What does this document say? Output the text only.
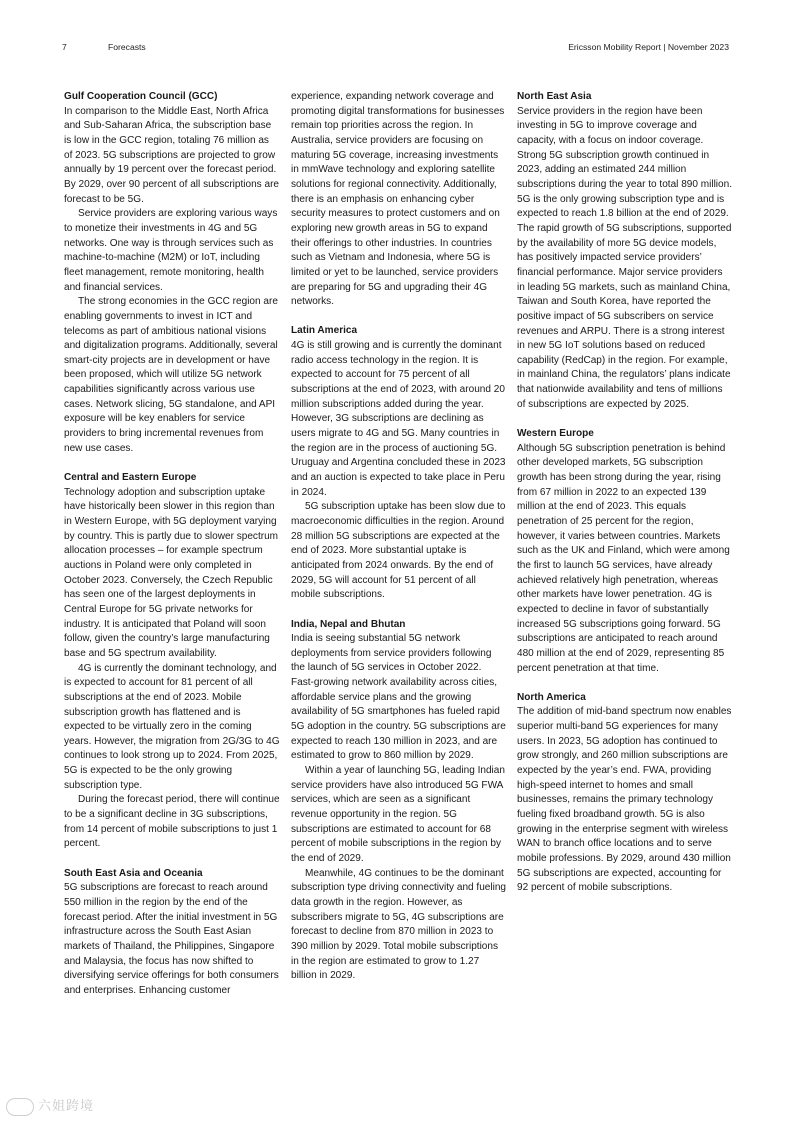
7	Forecasts	Ericsson Mobility Report | November 2023
Gulf Cooperation Council (GCC)

In comparison to the Middle East, North Africa and Sub-Saharan Africa, the subscription base is low in the GCC region, totaling 76 million as of 2023. 5G subscriptions are projected to grow annually by 19 percent over the forecast period. By 2029, over 90 percent of all subscriptions are forecast to be 5G.

Service providers are exploring various ways to monetize their investments in 4G and 5G networks. One way is through services such as machine-to-machine (M2M) or IoT, including fleet management, remote monitoring, health and financial services.

The strong economies in the GCC region are enabling governments to invest in ICT and telecoms as part of ambitious national visions and digitalization programs. Additionally, several smart-city projects are in development or have been proposed, which will utilize 5G network capabilities significantly across various use cases. Network slicing, 5G standalone, and API exposure will be key enablers for service providers to bring incremental revenues from new use cases.

Central and Eastern Europe

Technology adoption and subscription uptake have historically been slower in this region than in Western Europe, with 5G deployment varying by country. This is partly due to slower spectrum allocation processes – for example spectrum auctions in Poland were only completed in October 2023. Conversely, the Czech Republic has seen one of the largest deployments in Central Europe for 5G private networks for industry. It is anticipated that Poland will soon follow, given the country’s large manufacturing base and 5G spectrum availability.

4G is currently the dominant technology, and is expected to account for 81 percent of all subscriptions at the end of 2023. Mobile subscription growth has flattened and is expected to be virtually zero in the coming years. However, the migration from 2G/3G to 4G continues to look strong up to 2024. From 2025, 5G is expected to be the only growing subscription type.

During the forecast period, there will continue to be a significant decline in 3G subscriptions, from 14 percent of mobile subscriptions to just 1 percent.

South East Asia and Oceania

5G subscriptions are forecast to reach around 550 million in the region by the end of the forecast period. After the initial investment in 5G infrastructure across the South East Asian markets of Thailand, the Philippines, Singapore and Malaysia, the focus has now shifted to diversifying service offerings for both consumers and enterprises. Enhancing customer

experience, expanding network coverage and promoting digital transformations for businesses remain top priorities across the region. In Australia, service providers are focusing on maturing 5G coverage, increasing investments in mmWave technology and exploring satellite solutions for regional connectivity. Additionally, there is an emphasis on enhancing cyber security measures to protect customers and on exploring new growth areas in 5G to expand their offerings to other industries. In countries such as Vietnam and Indonesia, where 5G is limited or yet to be launched, service providers are preparing for 5G and upgrading their 4G networks.

Latin America

4G is still growing and is currently the dominant radio access technology in the region. It is expected to account for 75 percent of all subscriptions at the end of 2023, with around 20 million subscriptions added during the year. However, 3G subscriptions are declining as users migrate to 4G and 5G. Many countries in the region are in the process of auctioning 5G. Uruguay and Argentina concluded these in 2023 and an auction is expected to take place in Peru in 2024.

5G subscription uptake has been slow due to macroeconomic difficulties in the region. Around 28 million 5G subscriptions are expected at the end of 2023. More substantial uptake is anticipated from 2024 onwards. By the end of 2029, 5G will account for 51 percent of all mobile subscriptions.

India, Nepal and Bhutan

India is seeing substantial 5G network deployments from service providers following the launch of 5G services in October 2022. Fast-growing network availability across cities, affordable service plans and the growing availability of 5G smartphones has fueled rapid 5G adoption in the country. 5G subscriptions are expected to reach 130 million in 2023, and are estimated to grow to 860 million by 2029.

Within a year of launching 5G, leading Indian service providers have also introduced 5G FWA services, which are seen as a significant revenue opportunity in the region. 5G subscriptions are estimated to account for 68 percent of mobile subscriptions in the region by the end of 2029.

Meanwhile, 4G continues to be the dominant subscription type driving connectivity and fueling data growth in the region. However, as subscribers migrate to 5G, 4G subscriptions are forecast to decline from 870 million in 2023 to 390 million by 2029. Total mobile subscriptions in the region are estimated to grow to 1.27 billion in 2029.

North East Asia

Service providers in the region have been investing in 5G to improve coverage and capacity, with a focus on indoor coverage. Strong 5G subscription growth continued in 2023, adding an estimated 244 million subscriptions during the year to total 890 million. 5G is the only growing subscription type and is expected to reach 1.8 billion at the end of 2029. The rapid growth of 5G subscriptions, supported by the availability of more 5G device models, has positively impacted service providers’ financial performance. Major service providers in leading 5G markets, such as mainland China, Taiwan and South Korea, have reported the positive impact of 5G subscribers on service revenues and ARPU. There is a strong interest in new 5G IoT solutions based on reduced capability (RedCap) in the region. For example, in mainland China, the regulators’ plans indicate that nationwide availability and tens of millions of subscriptions are expected by 2025.

Western Europe

Although 5G subscription penetration is behind other developed markets, 5G subscription growth has been strong during the year, rising from 67 million in 2022 to an expected 139 million at the end of 2023. This equals penetration of 25 percent for the region, however, it varies between countries. Markets such as the UK and Finland, which were among the first to launch 5G services, have already achieved relatively high penetration, whereas other markets have lower penetration. 4G is expected to decline in favor of substantially increased 5G subscriptions going forward. 5G subscriptions are anticipated to reach around 480 million at the end of 2029, representing 85 percent penetration at that time.

North America

The addition of mid-band spectrum now enables superior multi-band 5G experiences for many users. In 2023, 5G adoption has continued to grow strongly, and 260 million subscriptions are expected by the year’s end. FWA, providing high-speed internet to homes and small businesses, remains the primary technology fueling fixed broadband growth. 5G is also growing in the enterprise segment with wireless WAN to branch office locations and to serve mobile professions. By 2029, around 430 million 5G subscriptions are expected, accounting for 92 percent of mobile subscriptions.

六姐跨境
